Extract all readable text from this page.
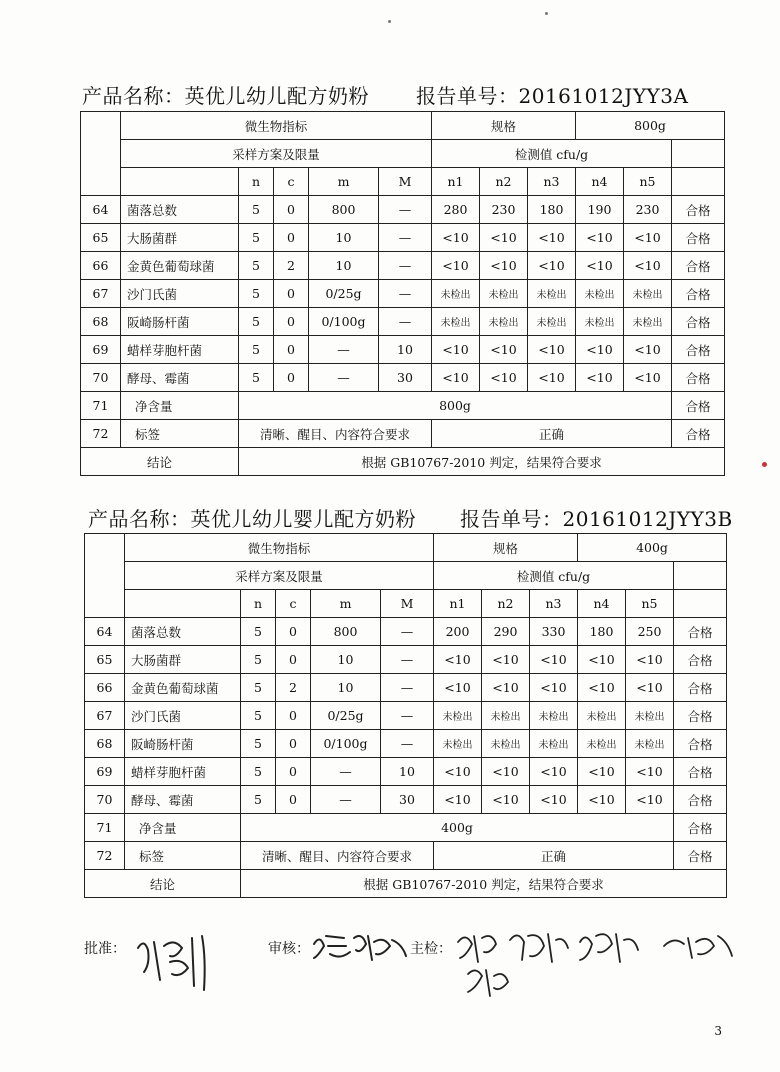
产品名称：英优儿幼儿配方奶粉 报告单号：20161012JYY3A
	微生物指标					规格			800g		
	采样方案及限量					检测值 cfu/g					
		n	c	m	M	n1	n2	n3	n4	n5	
64	菌落总数	5	0	800	—	280	230	180	190	230	合格
65	大肠菌群	5	0	10	—	<10	<10	<10	<10	<10	合格
66	金黄色葡萄球菌	5	2	10	—	<10	<10	<10	<10	<10	合格
67	沙门氏菌	5	0	0/25g	—	未检出	未检出	未检出	未检出	未检出	合格
68	阪崎肠杆菌	5	0	0/100g	—	未检出	未检出	未检出	未检出	未检出	合格
69	蜡样芽胞杆菌	5	0	—	10	<10	<10	<10	<10	<10	合格
70	酵母、霉菌	5	0	—	30	<10	<10	<10	<10	<10	合格
71	净含量	800g									合格
72	标签	清晰、醒目、内容符合要求				正确					合格
结论		根据 GB10767-2010 判定，结果符合要求									
产品名称：英优儿幼儿婴儿配方奶粉 报告单号：20161012JYY3B
	微生物指标					规格			400g		
	采样方案及限量					检测值 cfu/g					
		n	c	m	M	n1	n2	n3	n4	n5	
64	菌落总数	5	0	800	—	200	290	330	180	250	合格
65	大肠菌群	5	0	10	—	<10	<10	<10	<10	<10	合格
66	金黄色葡萄球菌	5	2	10	—	<10	<10	<10	<10	<10	合格
67	沙门氏菌	5	0	0/25g	—	未检出	未检出	未检出	未检出	未检出	合格
68	阪崎肠杆菌	5	0	0/100g	—	未检出	未检出	未检出	未检出	未检出	合格
69	蜡样芽胞杆菌	5	0	—	10	<10	<10	<10	<10	<10	合格
70	酵母、霉菌	5	0	—	30	<10	<10	<10	<10	<10	合格
71	净含量	400g									合格
72	标签	清晰、醒目、内容符合要求				正确					合格
结论		根据 GB10767-2010 判定，结果符合要求									
批准：	审核：	主检：
3
